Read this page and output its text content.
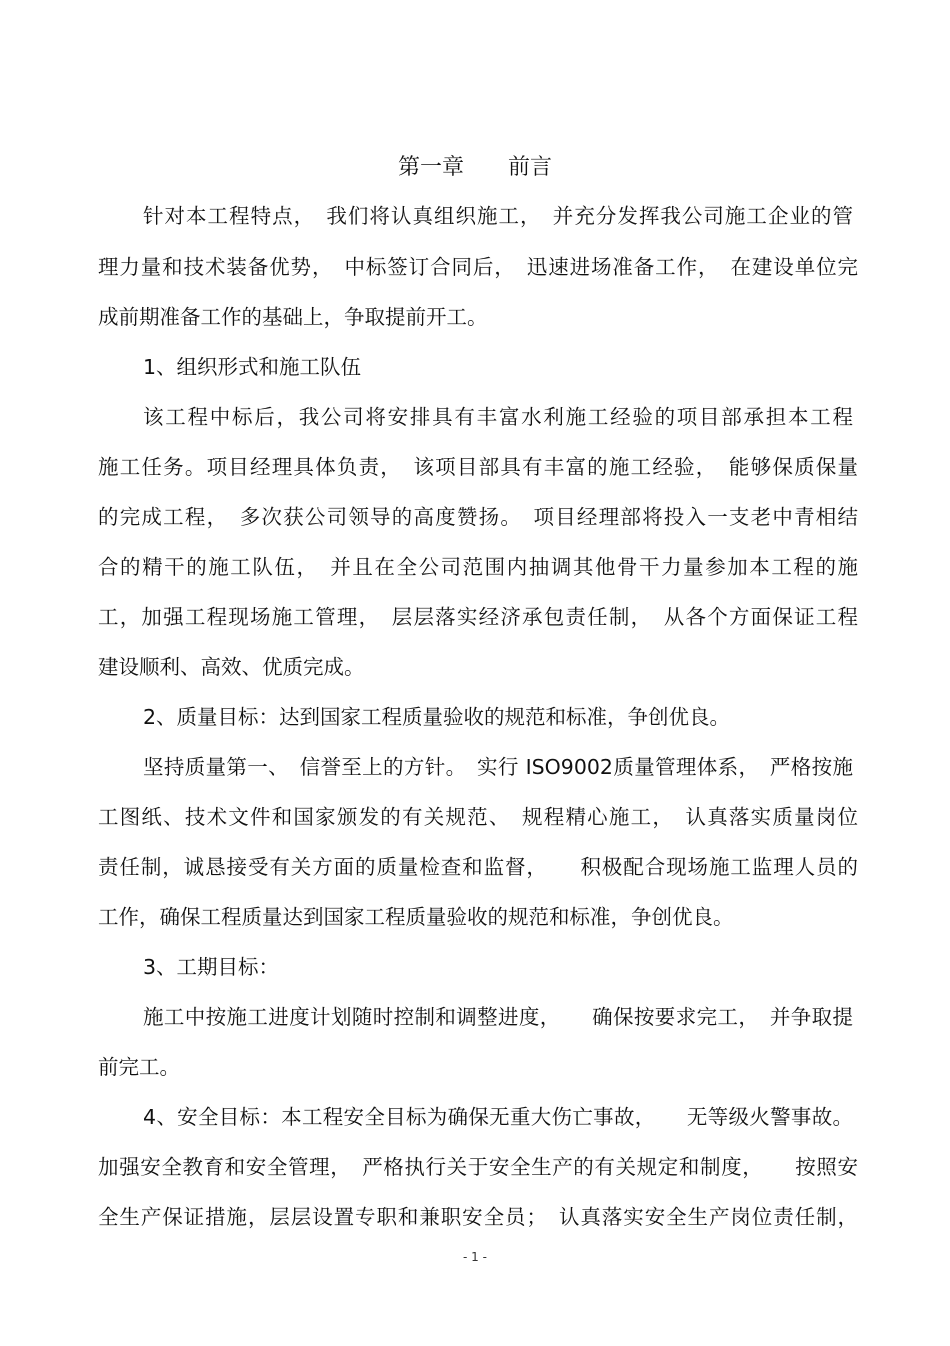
第一章　　前言
针对本工程特点，　我们将认真组织施工，　并充分发挥我公司施工企业的管
理力量和技术装备优势，　中标签订合同后，　迅速进场准备工作，　在建设单位完
成前期准备工作的基础上，争取提前开工。
1、组织形式和施工队伍
该工程中标后，我公司将安排具有丰富水利施工经验的项目部承担本工程
施工任务。项目经理具体负责，　该项目部具有丰富的施工经验，　能够保质保量
的完成工程，　多次获公司领导的高度赞扬。　项目经理部将投入一支老中青相结
合的精干的施工队伍，　并且在全公司范围内抽调其他骨干力量参加本工程的施
工，加强工程现场施工管理，　层层落实经济承包责任制，　从各个方面保证工程
建设顺利、高效、优质完成。
2、质量目标：达到国家工程质量验收的规范和标准，争创优良。
坚持质量第一、　信誉至上的方针。　实行 ISO9002质量管理体系，　严格按施
工图纸、技术文件和国家颁发的有关规范、　规程精心施工，　认真落实质量岗位
责任制，诚恳接受有关方面的质量检查和监督，　　积极配合现场施工监理人员的
工作，确保工程质量达到国家工程质量验收的规范和标准，争创优良。
3、工期目标：
施工中按施工进度计划随时控制和调整进度，　　确保按要求完工，　并争取提
前完工。
4、安全目标：本工程安全目标为确保无重大伤亡事故，　　无等级火警事故。
加强安全教育和安全管理，　严格执行关于安全生产的有关规定和制度，　　按照安
全生产保证措施，层层设置专职和兼职安全员；　认真落实安全生产岗位责任制，
- 1 -
